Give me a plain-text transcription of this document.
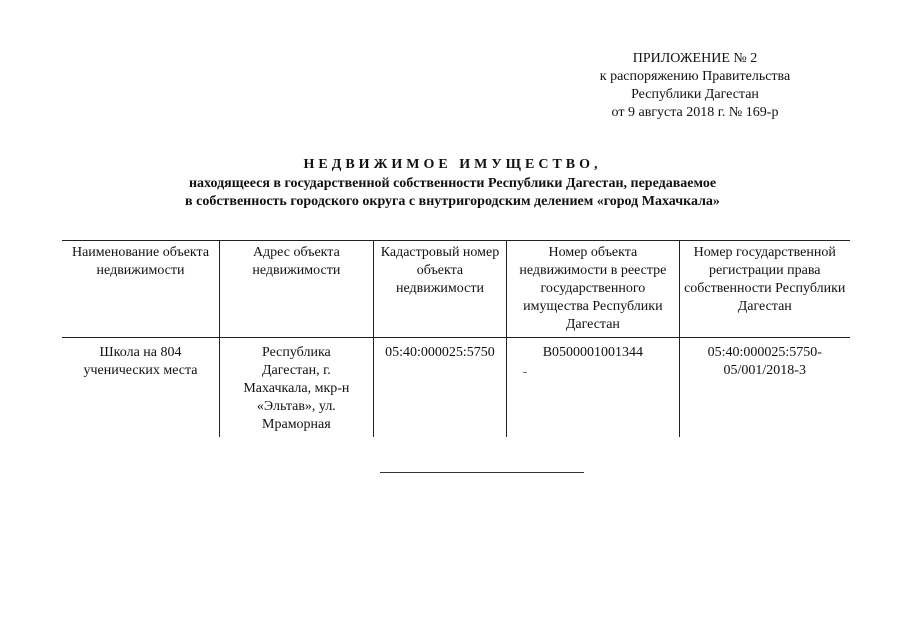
ПРИЛОЖЕНИЕ № 2
к распоряжению Правительства
Республики Дагестан
от 9 августа 2018 г. № 169-р
НЕДВИЖИМОЕ ИМУЩЕСТВО,
находящееся в государственной собственности Республики Дагестан, передаваемое
в собственность городского округа с внутригородским делением «город Махачкала»
Наименование объекта недвижимости	Адрес объекта недвижимости	Кадастровый номер объекта недвижимости	Номер объекта недвижимости в реестре государственного имущества Республики Дагестан	Номер государственной регистрации права собственности Республики Дагестан
Школа на 804 ученических места	Республика Дагестан, г. Махачкала, мкр-н «Эльтав», ул. Мраморная	05:40:000025:5750	В0500001001344	05:40:000025:5750-05/001/2018-3
